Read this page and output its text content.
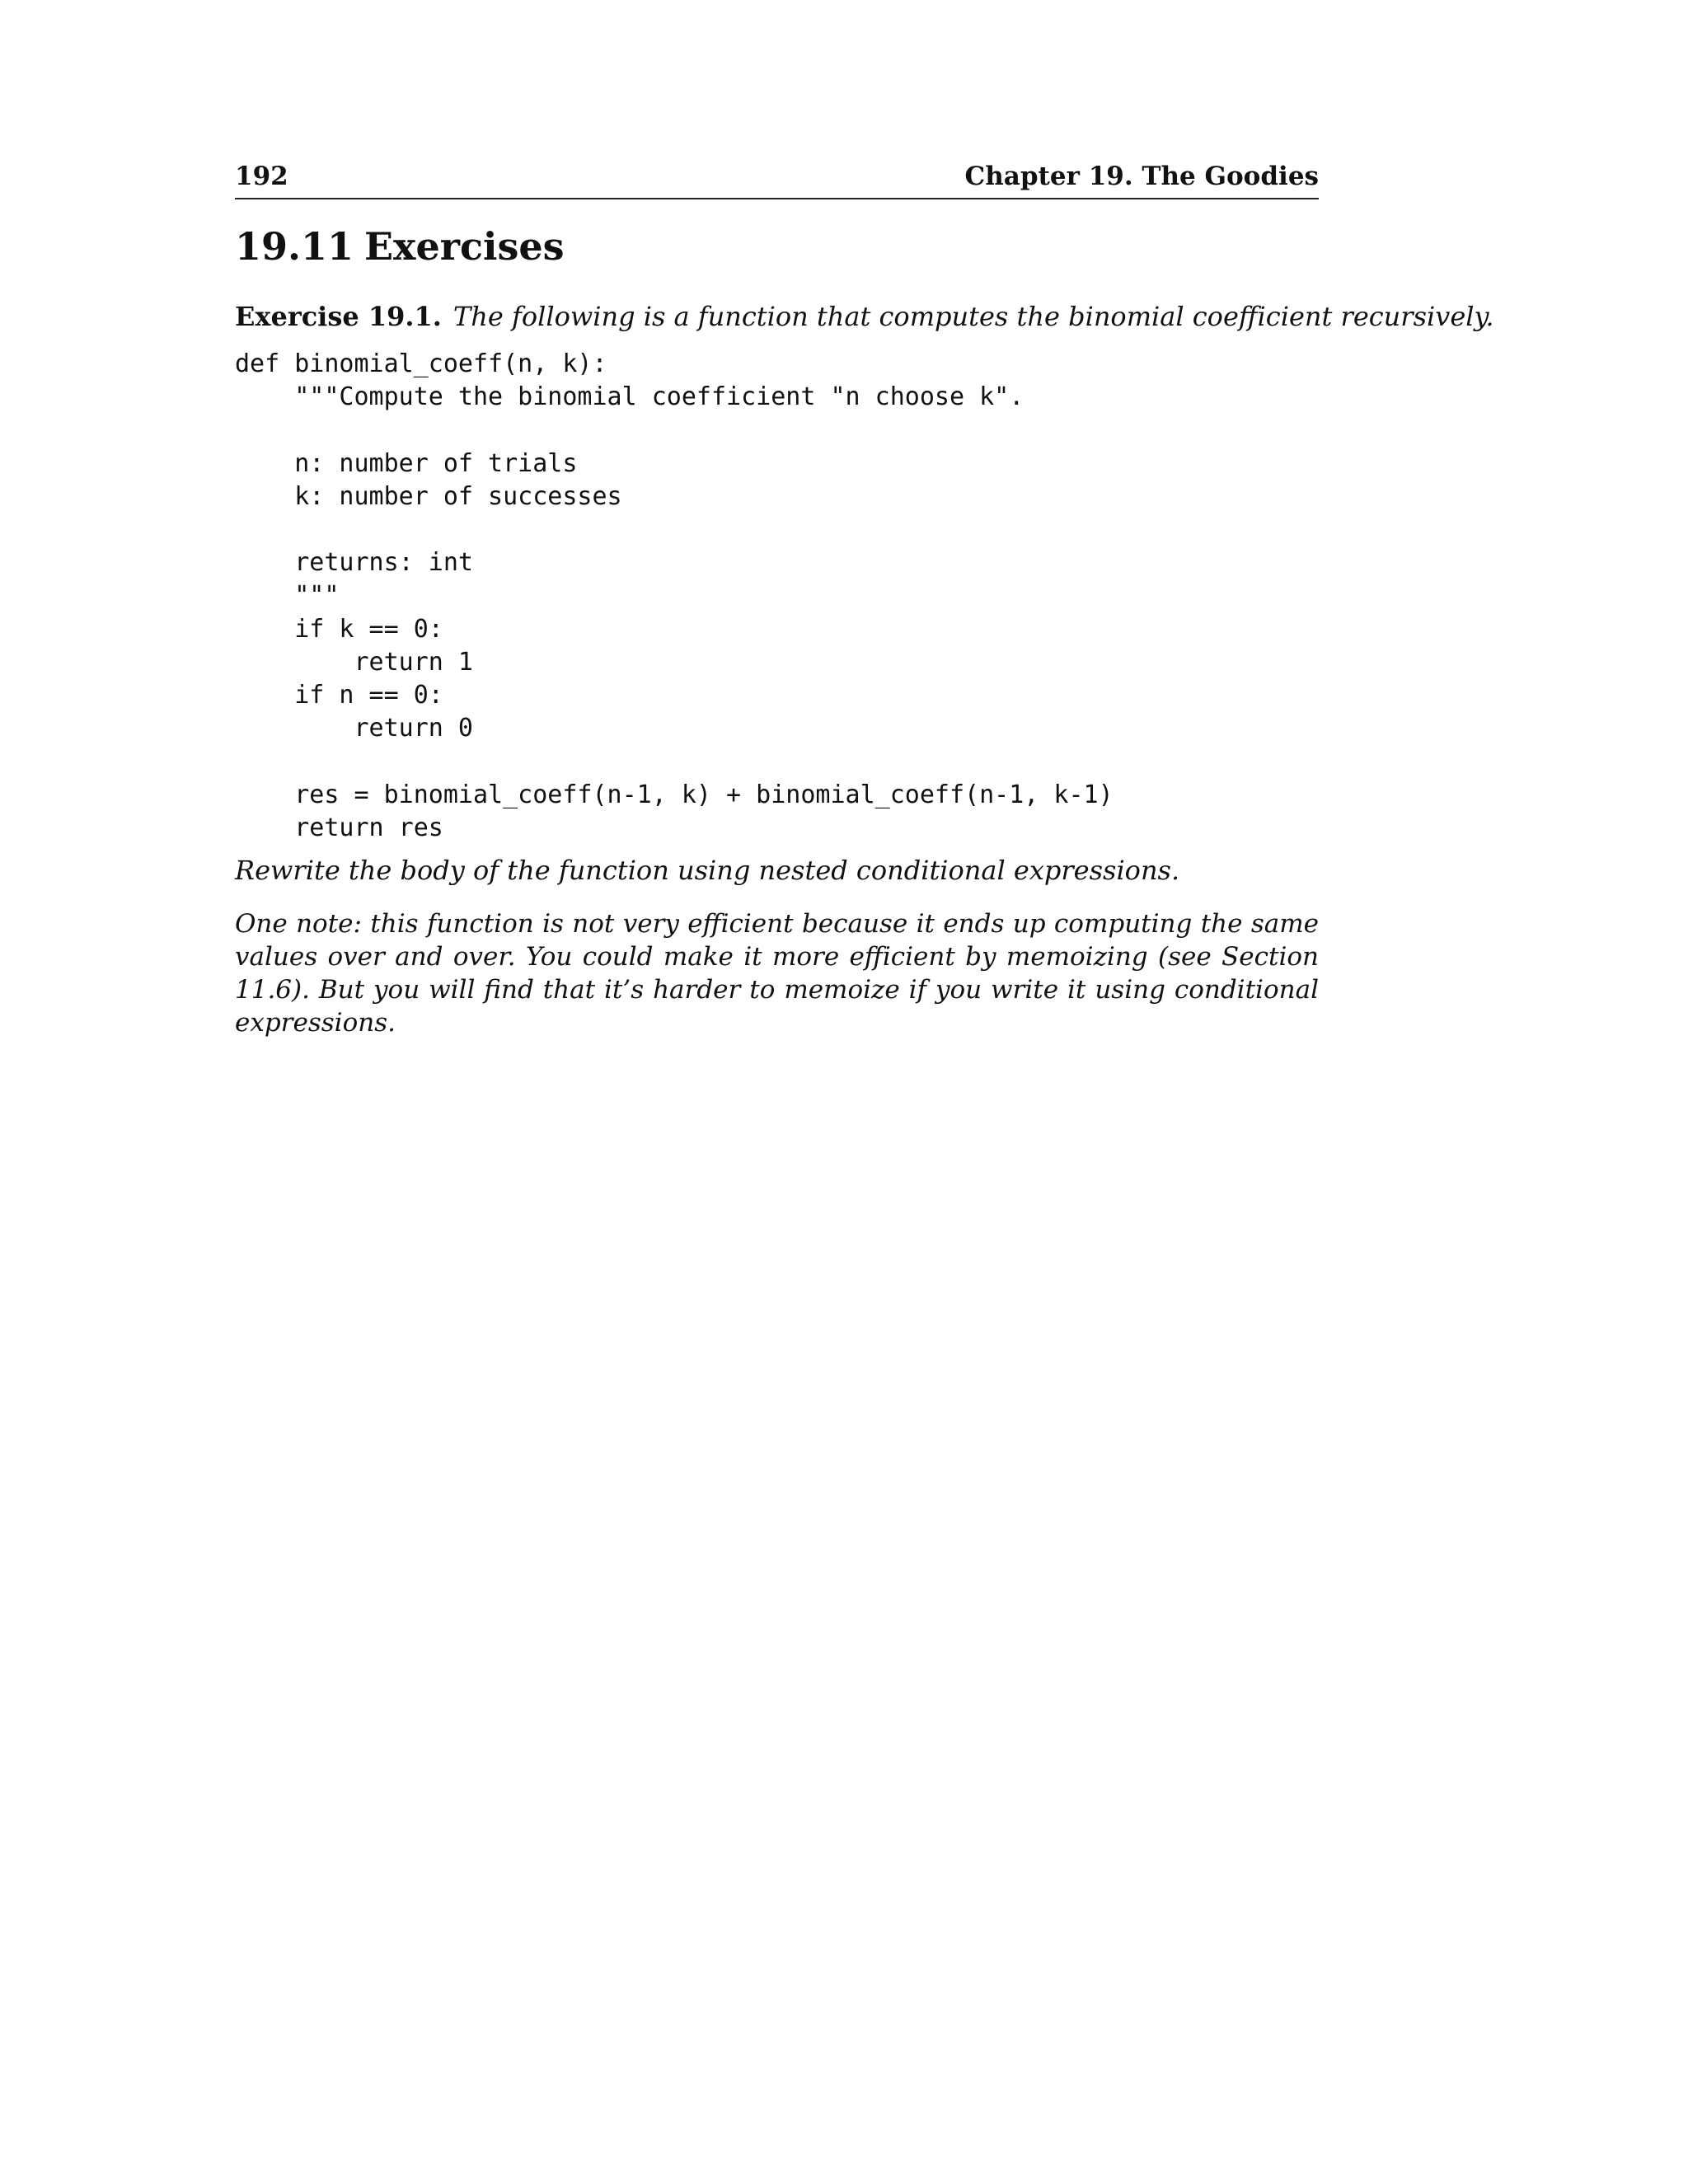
192	Chapter 19. The Goodies
19.11 Exercises
Exercise 19.1. The following is a function that computes the binomial coefficient recursively.
def binomial_coeff(n, k):
"""Compute the binomial coefficient "n choose k".

n: number of trials
k: number of successes

returns: int
"""
if k == 0:
return 1
if n == 0:
return 0

res = binomial_coeff(n-1, k) + binomial_coeff(n-1, k-1)
return res
Rewrite the body of the function using nested conditional expressions.
One note: this function is not very efficient because it ends up computing the same values over and over. You could make it more efficient by memoizing (see Section 11.6). But you will find that it’s harder to memoize if you write it using conditional expressions.
